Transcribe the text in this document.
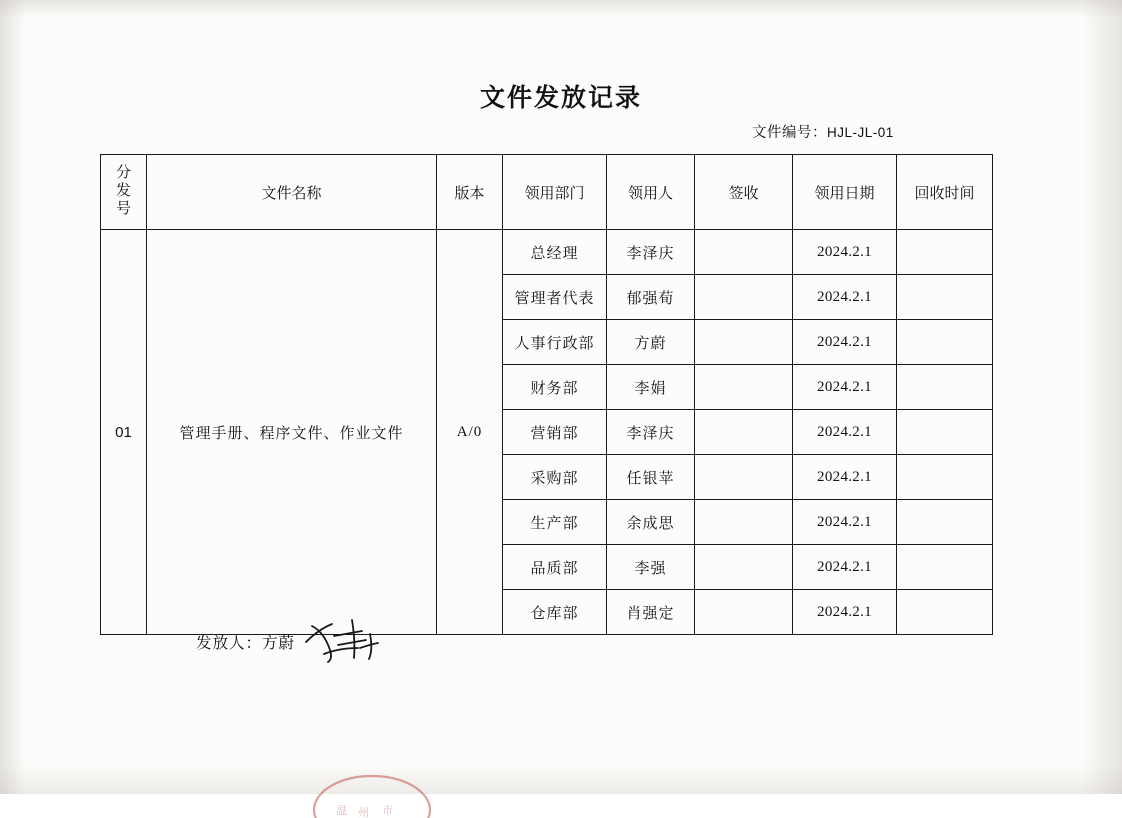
文件发放记录
文件编号：HJL-JL-01
分
发
号	文件名称	版本	领用部门	领用人	签收	领用日期	回收时间
01	管理手册、程序文件、作业文件	A/0	总经理	李泽庆		2024.2.1	
			管理者代表	郁强荀		2024.2.1	
			人事行政部	方蔚		2024.2.1	
			财务部	李娟		2024.2.1	
			营销部	李泽庆		2024.2.1	
			采购部	任银苹		2024.2.1	
			生产部	余成思		2024.2.1	
			品质部	李强		2024.2.1	
			仓库部	肖强定		2024.2.1	
发放人：方蔚
温 州 市
